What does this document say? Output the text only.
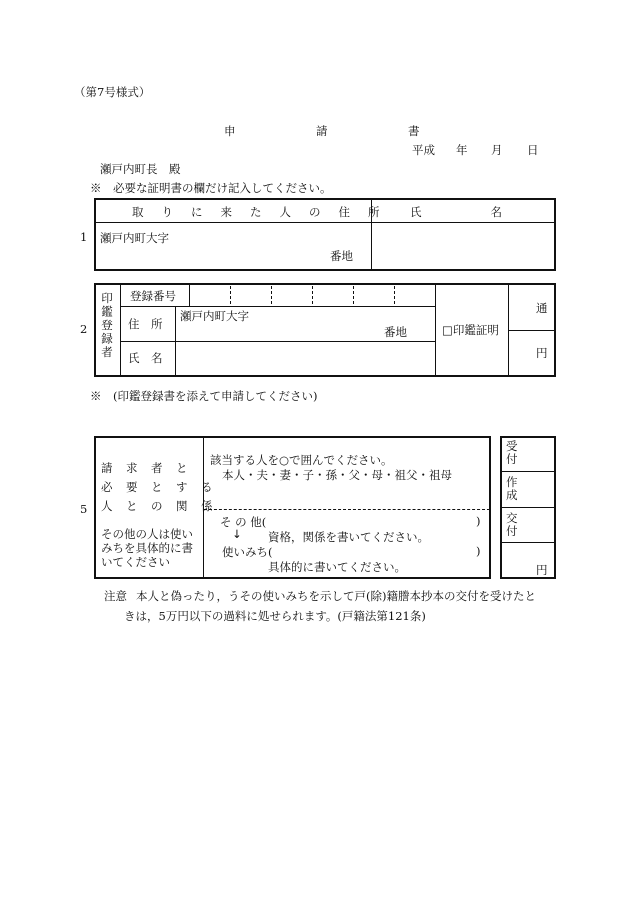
（第7号様式）
申　　　　　　　請　　　　　　　書
平成 年 月 日
瀬戸内町長　殿
※　必要な証明書の欄だけ記入してください。
1
取りに来た人の住所 氏　　　　　　名
瀬戸内町大字
番地
2 印鑑登録者 登録番号
住　所
瀬戸内町大字
番地
氏　名
□印鑑証明
通
円
※　(印鑑登録書を添えて申請してください)
5
請　求　者　と
必　要　と　す　る
人　と　の　関　係
その他の人は使い
みちを具体的に書
いてください
該当する人を○で囲んでください。
本人・夫・妻・子・孫・父・母・祖父・祖母
そ の 他(	)
↓ 資格，関係を書いてください。
使いみち(	)
具体的に書いてください。
受付
作成
交付
円
注意 本人と偽ったり，うその使いみちを示して戸(除)籍謄本抄本の交付を受けたと
きは，5万円以下の過料に処せられます。(戸籍法第121条)
